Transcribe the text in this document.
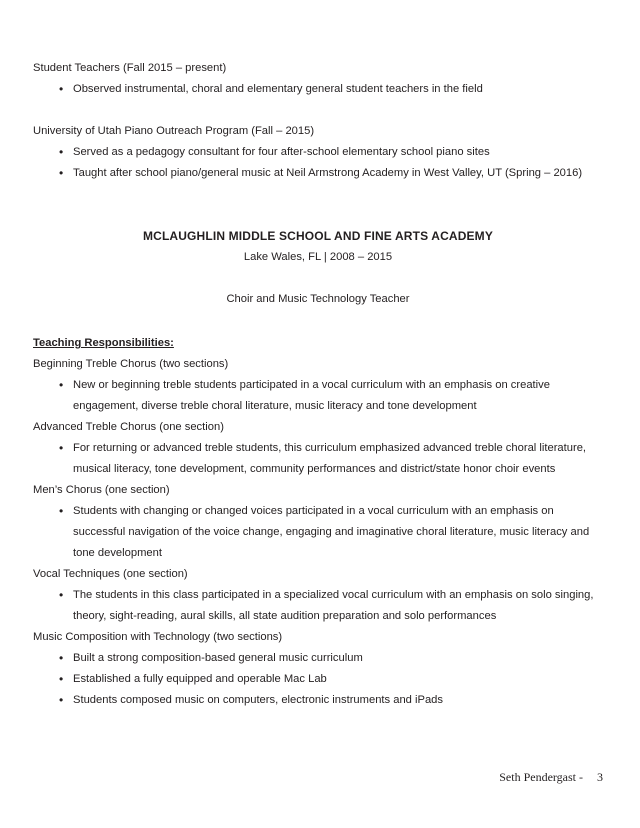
Student Teachers (Fall 2015 – present)
• Observed instrumental, choral and elementary general student teachers in the field
University of Utah Piano Outreach Program (Fall – 2015)
• Served as a pedagogy consultant for four after-school elementary school piano sites
• Taught after school piano/general music at Neil Armstrong Academy in West Valley, UT (Spring – 2016)
MCLAUGHLIN MIDDLE SCHOOL AND FINE ARTS ACADEMY
Lake Wales, FL | 2008 – 2015
Choir and Music Technology Teacher
Teaching Responsibilities:
Beginning Treble Chorus (two sections)
• New or beginning treble students participated in a vocal curriculum with an emphasis on creative engagement, diverse treble choral literature, music literacy and tone development
Advanced Treble Chorus (one section)
• For returning or advanced treble students, this curriculum emphasized advanced treble choral literature, musical literacy, tone development, community performances and district/state honor choir events
Men’s Chorus (one section)
• Students with changing or changed voices participated in a vocal curriculum with an emphasis on successful navigation of the voice change, engaging and imaginative choral literature, music literacy and tone development
Vocal Techniques (one section)
• The students in this class participated in a specialized vocal curriculum with an emphasis on solo singing, theory, sight-reading, aural skills, all state audition preparation and solo performances
Music Composition with Technology (two sections)
• Built a strong composition-based general music curriculum
• Established a fully equipped and operable Mac Lab
• Students composed music on computers, electronic instruments and iPads
Seth Pendergast - 3
